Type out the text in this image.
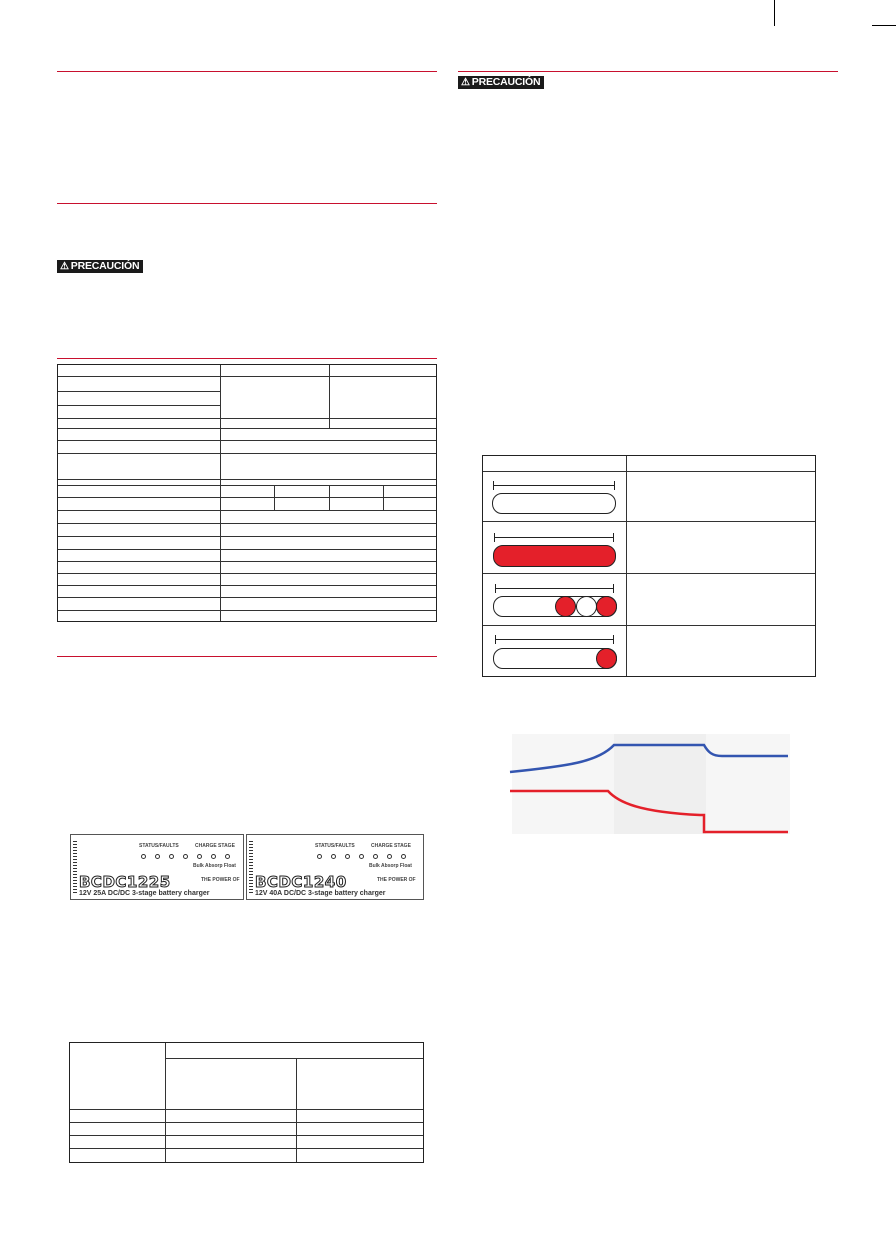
⚠ PRECAUCIÓN
STATUS/FAULTS	CHARGE STAGE
Bulk Absorp Float
THE POWER OF
BCDC1225
12V 25A DC/DC 3-stage battery charger
STATUS/FAULTS	CHARGE STAGE
Bulk Absorp Float
THE POWER OF
BCDC1240
12V 40A DC/DC 3-stage battery charger
⚠ PRECAUCIÓN
